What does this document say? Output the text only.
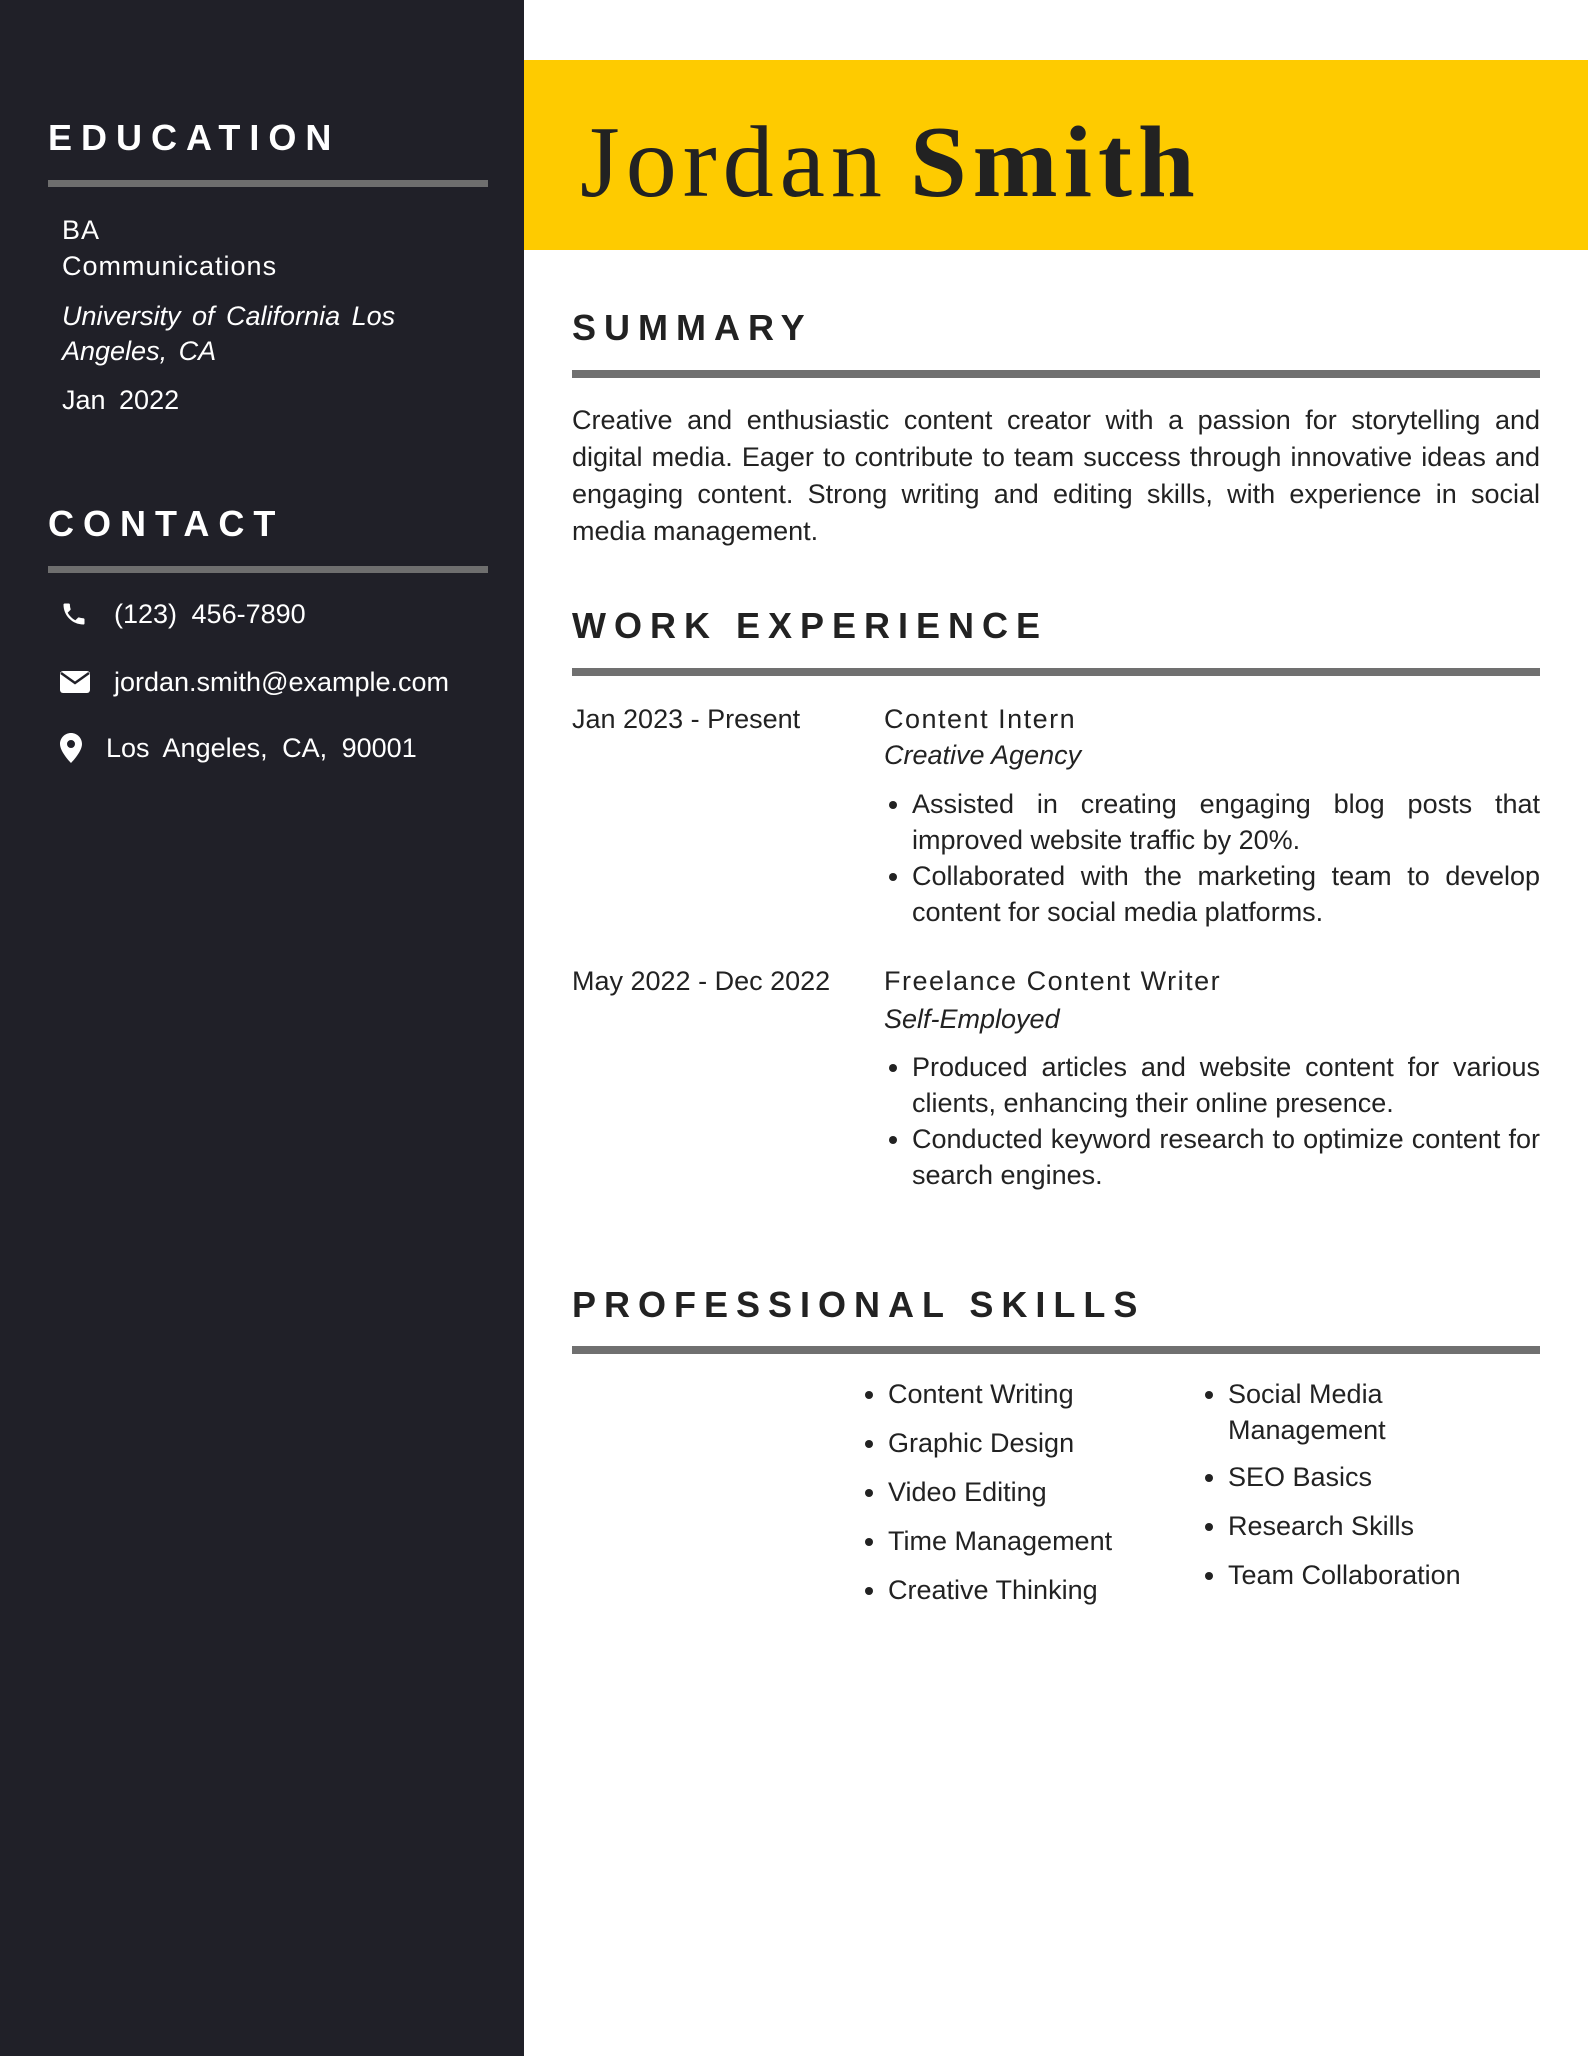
EDUCATION
BA
Communications
University of California Los Angeles, CA
Jan 2022
CONTACT
(123) 456-7890
jordan.smith@example.com
Los Angeles, CA, 90001
Jordan Smith
SUMMARY
Creative and enthusiastic content creator with a passion for storytelling and digital media. Eager to contribute to team success through innovative ideas and engaging content. Strong writing and editing skills, with experience in social media management.
WORK EXPERIENCE
Jan 2023 - Present	Content Intern
Creative Agency
• Assisted in creating engaging blog posts that improved website traffic by 20%.
• Collaborated with the marketing team to develop content for social media platforms.
May 2022 - Dec 2022 Freelance Content Writer
Self-Employed
• Produced articles and website content for various clients, enhancing their online presence.
• Conducted keyword research to optimize content for search engines.
PROFESSIONAL SKILLS
• Content Writing
• Graphic Design
• Video Editing
• Time Management
• Creative Thinking
• Social Media Management
• SEO Basics
• Research Skills
• Team Collaboration
